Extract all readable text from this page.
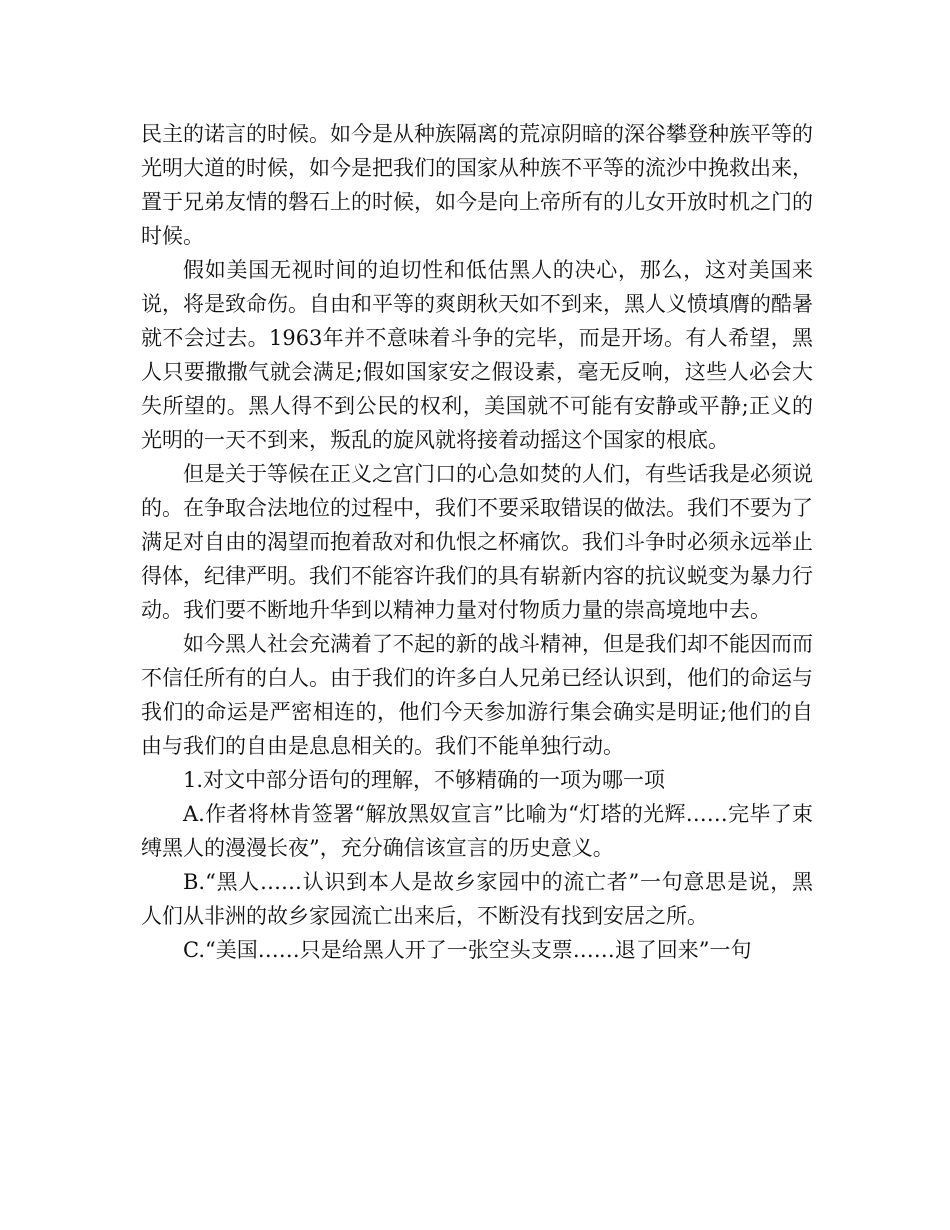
民主的诺言的时候。如今是从种族隔离的荒凉阴暗的深谷攀登种族平等的光明大道的时候，如今是把我们的国家从种族不平等的流沙中挽救出来，置于兄弟友情的磐石上的时候，如今是向上帝所有的儿女开放时机之门的时候。

假如美国无视时间的迫切性和低估黑人的决心，那么，这对美国来说，将是致命伤。自由和平等的爽朗秋天如不到来，黑人义愤填膺的酷暑就不会过去。1963年并不意味着斗争的完毕，而是开场。有人希望，黑人只要撒撒气就会满足;假如国家安之假设素，毫无反响，这些人必会大失所望的。黑人得不到公民的权利，美国就不可能有安静或平静;正义的光明的一天不到来，叛乱的旋风就将接着动摇这个国家的根底。

但是关于等候在正义之宫门口的心急如焚的人们，有些话我是必须说的。在争取合法地位的过程中，我们不要采取错误的做法。我们不要为了满足对自由的渴望而抱着敌对和仇恨之杯痛饮。我们斗争时必须永远举止得体，纪律严明。我们不能容许我们的具有崭新内容的抗议蜕变为暴力行动。我们要不断地升华到以精神力量对付物质力量的崇高境地中去。

如今黑人社会充满着了不起的新的战斗精神，但是我们却不能因而而不信任所有的白人。由于我们的许多白人兄弟已经认识到，他们的命运与我们的命运是严密相连的，他们今天参加游行集会确实是明证;他们的自由与我们的自由是息息相关的。我们不能单独行动。

1.对文中部分语句的理解，不够精确的一项为哪一项

A.作者将林肯签署“解放黑奴宣言”比喻为“灯塔的光辉……完毕了束缚黑人的漫漫长夜”，充分确信该宣言的历史意义。

B.“黑人……认识到本人是故乡家园中的流亡者”一句意思是说，黑人们从非洲的故乡家园流亡出来后，不断没有找到安居之所。

C.“美国……只是给黑人开了一张空头支票……退了回来”一句
